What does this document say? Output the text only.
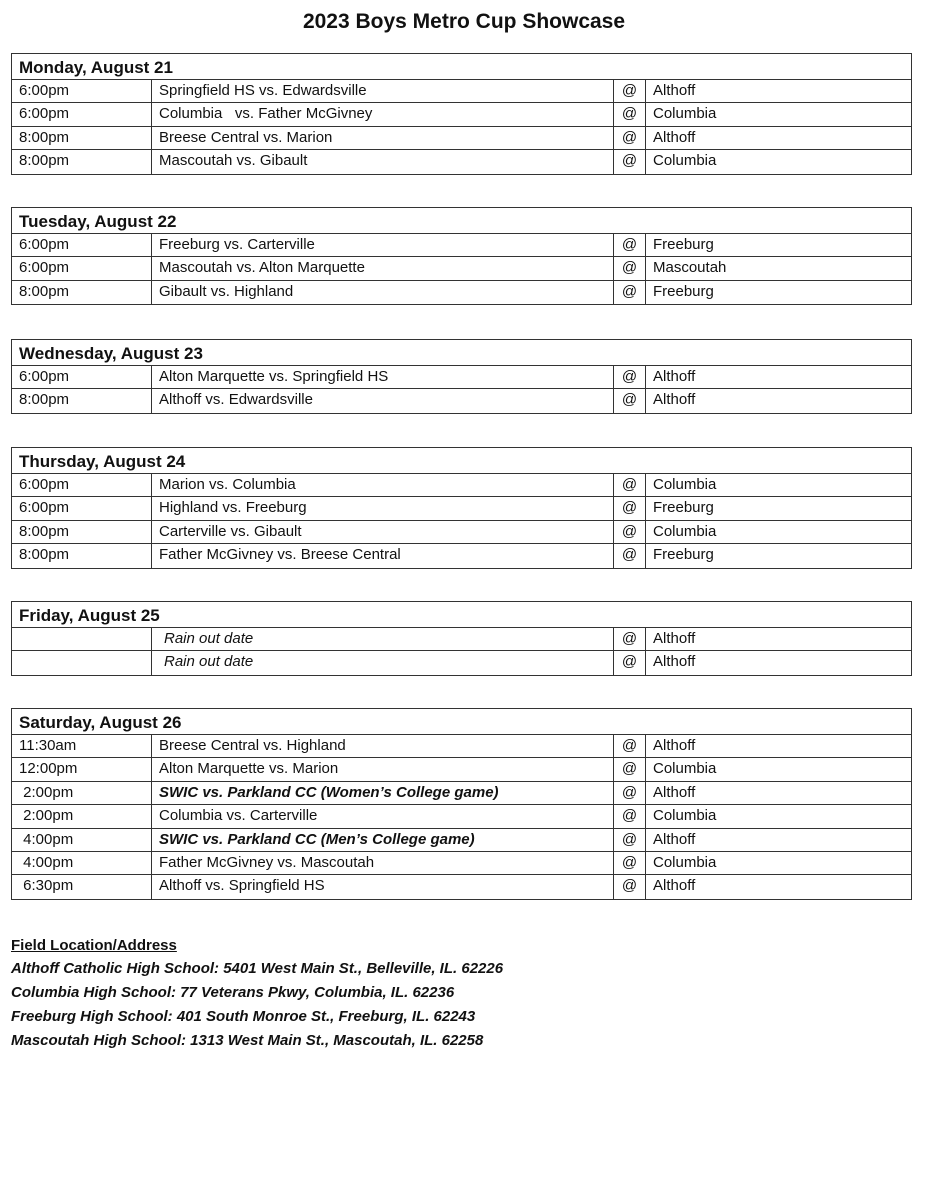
2023 Boys Metro Cup Showcase
Monday, August 21
6:00pm	Springfield HS vs. Edwardsville	@	Althoff
6:00pm	Columbia   vs. Father McGivney	@	Columbia
8:00pm	Breese Central vs. Marion	@	Althoff
8:00pm	Mascoutah vs. Gibault	@	Columbia
Tuesday, August 22
6:00pm	Freeburg vs. Carterville	@	Freeburg
6:00pm	Mascoutah vs. Alton Marquette	@	Mascoutah
8:00pm	Gibault vs. Highland	@	Freeburg
Wednesday, August 23
6:00pm	Alton Marquette vs. Springfield HS	@	Althoff
8:00pm	Althoff vs. Edwardsville	@	Althoff
Thursday, August 24
6:00pm	Marion vs. Columbia	@	Columbia
6:00pm	Highland vs. Freeburg	@	Freeburg
8:00pm	Carterville vs. Gibault	@	Columbia
8:00pm	Father McGivney vs. Breese Central	@	Freeburg
Friday, August 25
Rain out date	@	Althoff
Rain out date	@	Althoff
Saturday, August 26
11:30am	Breese Central vs. Highland	@	Althoff
12:00pm	Alton Marquette vs. Marion	@	Columbia
2:00pm	SWIC vs. Parkland CC (Women’s College game)	@	Althoff
2:00pm	Columbia vs. Carterville	@	Columbia
4:00pm	SWIC vs. Parkland CC (Men’s College game)	@	Althoff
4:00pm	Father McGivney vs. Mascoutah	@	Columbia
6:30pm	Althoff vs. Springfield HS	@	Althoff
Field Location/Address
Althoff Catholic High School: 5401 West Main St., Belleville, IL. 62226
Columbia High School: 77 Veterans Pkwy, Columbia, IL. 62236
Freeburg High School: 401 South Monroe St., Freeburg, IL. 62243
Mascoutah High School: 1313 West Main St., Mascoutah, IL. 62258
